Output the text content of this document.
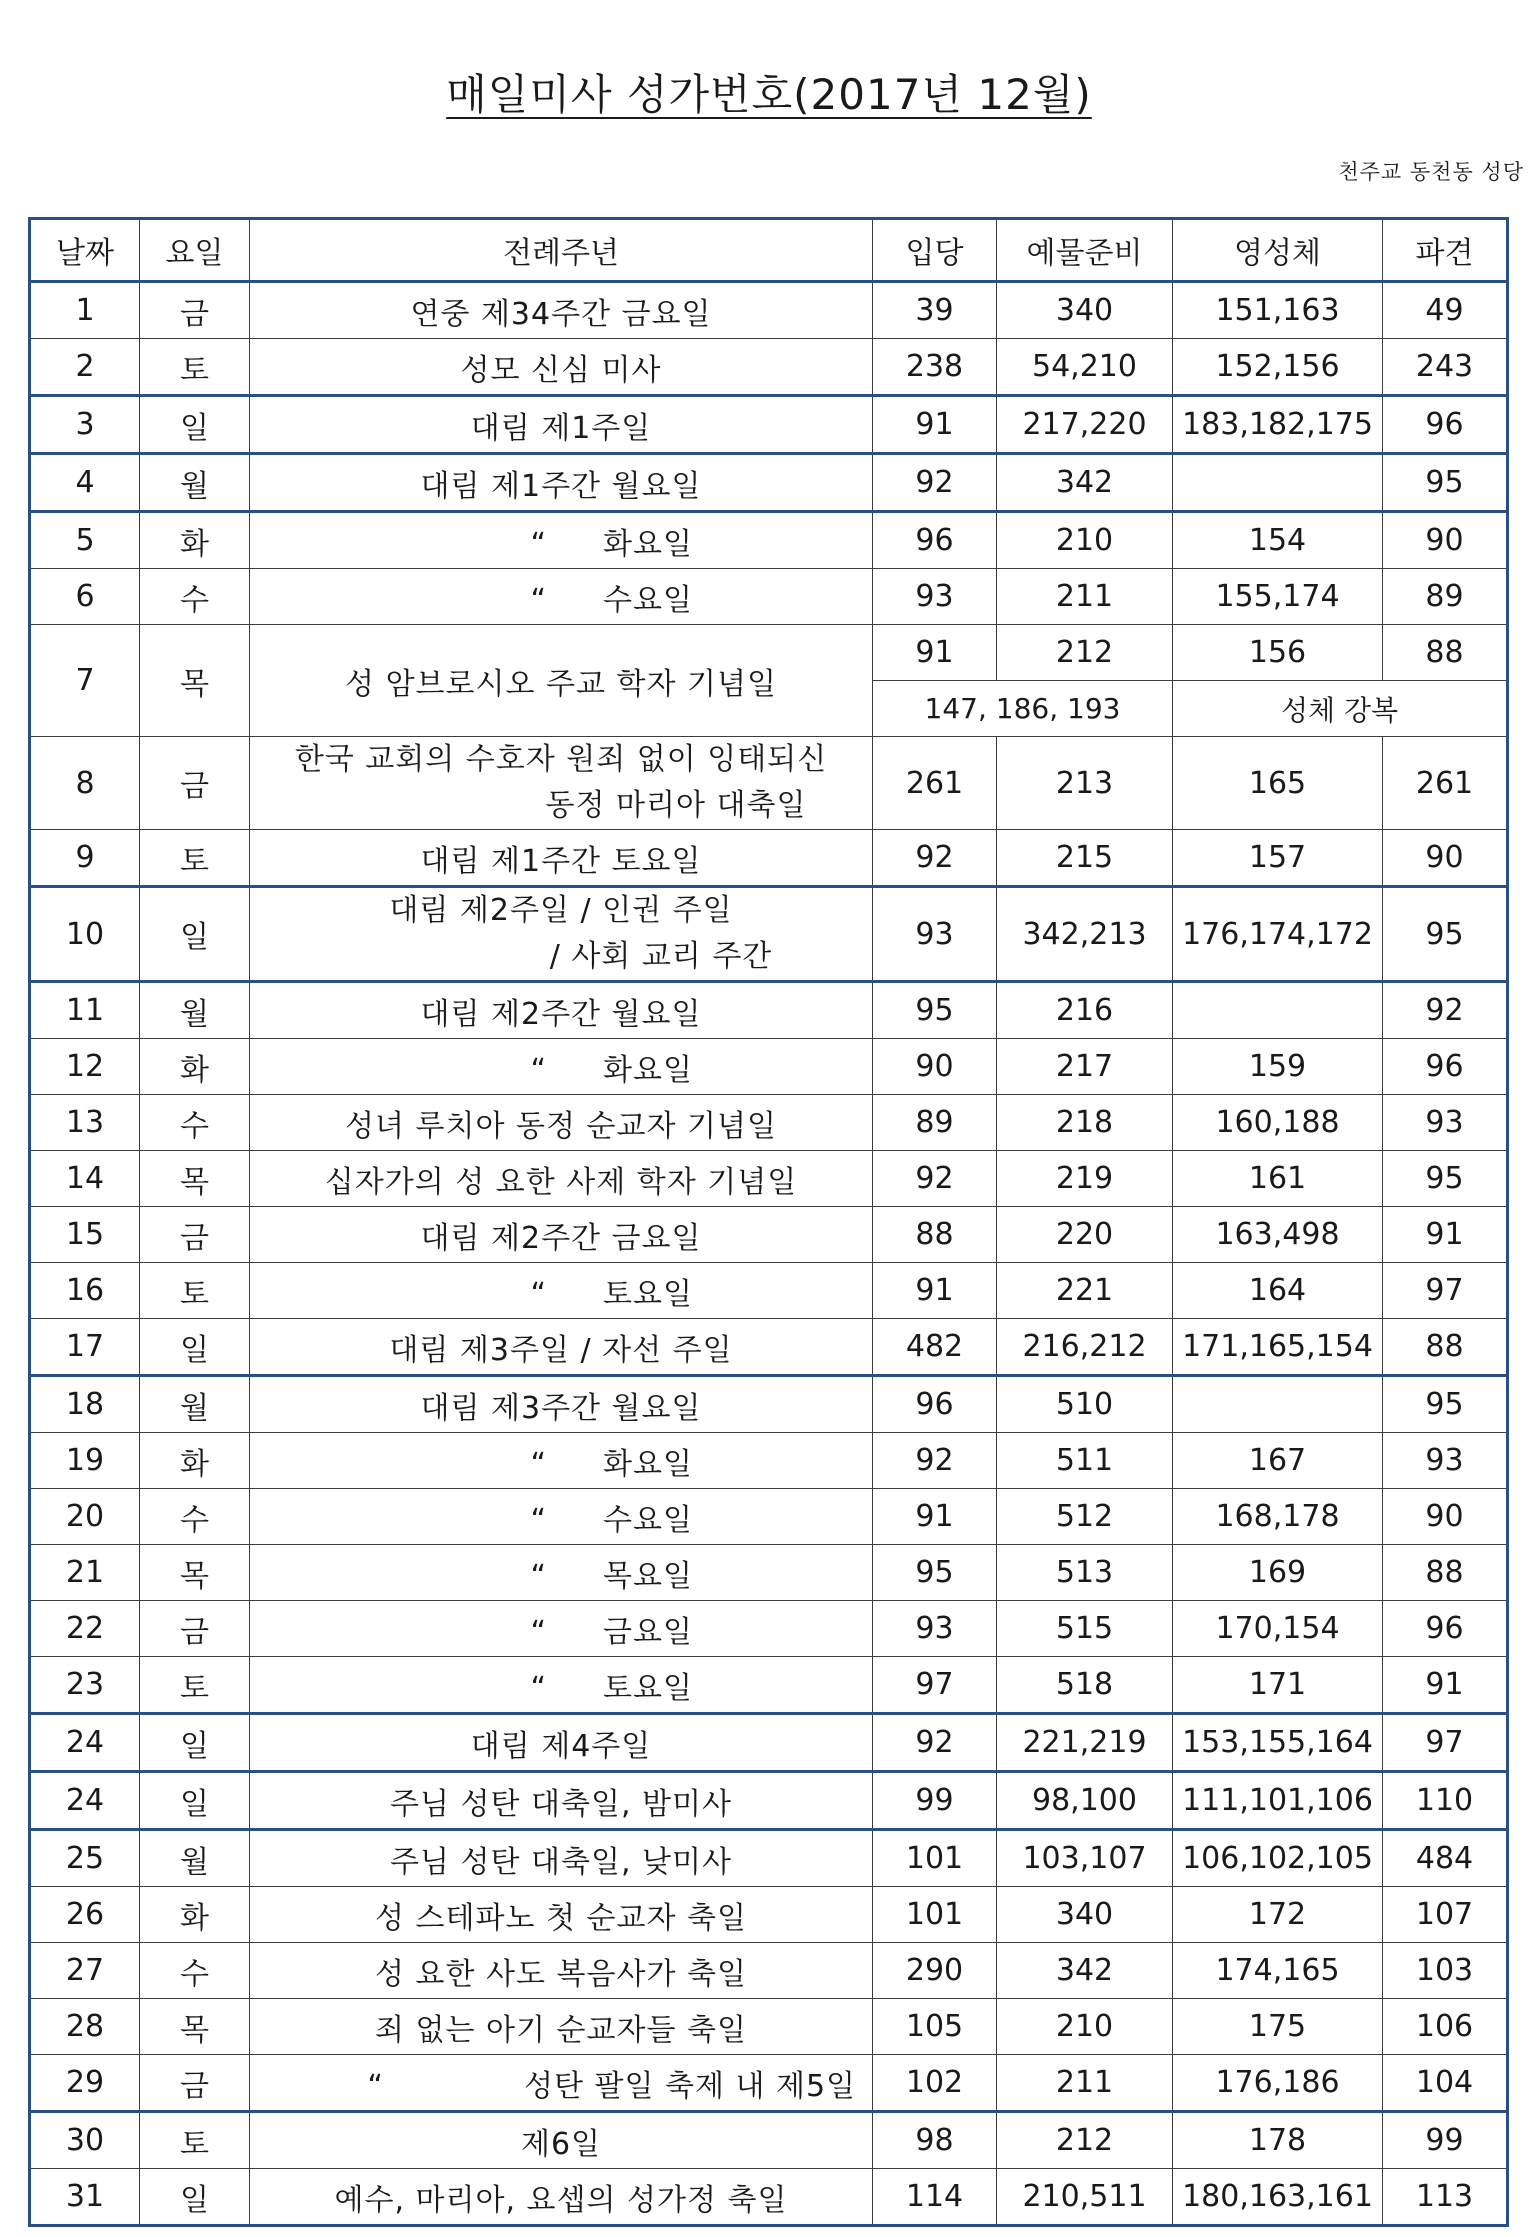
매일미사 성가번호(2017년 12월)
천주교 동천동 성당
날짜	요일	전례주년	입당	예물준비	영성체	파견
1	금	연중 제34주간 금요일	39	340	151,163	49
2	토	성모 신심 미사	238	54,210	152,156	243
3	일	대림 제1주일	91	217,220	183,182,175	96
4	월	대림 제1주간 월요일	92	342		95
5	화	“ 화요일	96	210	154	90
6	수	“ 수요일	93	211	155,174	89
7	목	성 암브로시오 주교 학자 기념일	91	212	156	88
			147, 186, 193		성체 강복	
8	금	한국 교회의 수호자 원죄 없이 잉태되신
동정 마리아 대축일	261	213	165	261
9	토	대림 제1주간 토요일	92	215	157	90
10	일	대림 제2주일 / 인권 주일
/ 사회 교리 주간	93	342,213	176,174,172	95
11	월	대림 제2주간 월요일	95	216		92
12	화	“ 화요일	90	217	159	96
13	수	성녀 루치아 동정 순교자 기념일	89	218	160,188	93
14	목	십자가의 성 요한 사제 학자 기념일	92	219	161	95
15	금	대림 제2주간 금요일	88	220	163,498	91
16	토	“ 토요일	91	221	164	97
17	일	대림 제3주일 / 자선 주일	482	216,212	171,165,154	88
18	월	대림 제3주간 월요일	96	510		95
19	화	“ 화요일	92	511	167	93
20	수	“ 수요일	91	512	168,178	90
21	목	“ 목요일	95	513	169	88
22	금	“ 금요일	93	515	170,154	96
23	토	“ 토요일	97	518	171	91
24	일	대림 제4주일	92	221,219	153,155,164	97
24	일	주님 성탄 대축일, 밤미사	99	98,100	111,101,106	110
25	월	주님 성탄 대축일, 낮미사	101	103,107	106,102,105	484
26	화	성 스테파노 첫 순교자 축일	101	340	172	107
27	수	성 요한 사도 복음사가 축일	290	342	174,165	103
28	목	죄 없는 아기 순교자들 축일	105	210	175	106
29	금	“ 성탄 팔일 축제 내 제5일	102	211	176,186	104
30	토	제6일	98	212	178	99
31	일	예수, 마리아, 요셉의 성가정 축일	114	210,511	180,163,161	113
